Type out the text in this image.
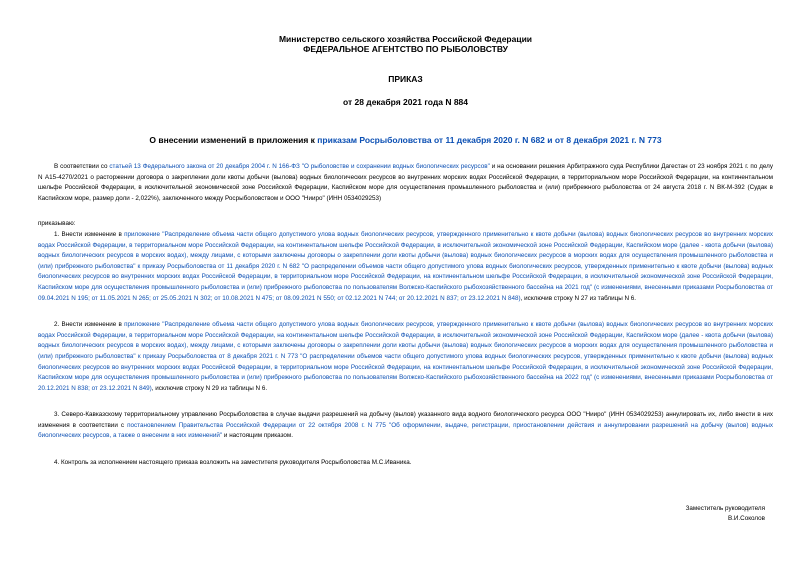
Министерство сельского хозяйства Российской Федерации
ФЕДЕРАЛЬНОЕ АГЕНТСТВО ПО РЫБОЛОВСТВУ
ПРИКАЗ
от 28 декабря 2021 года N 884
О внесении изменений в приложения к приказам Росрыболовства от 11 декабря 2020 г. N 682 и от 8 декабря 2021 г. N 773

В соответствии со статьей 13 Федерального закона от 20 декабря 2004 г. N 166-ФЗ "О рыболовстве и сохранении водных биологических ресурсов" и на основании решения Арбитражного суда Республики Дагестан от 23 ноября 2021 г. по делу N А15-4270/2021 о расторжении договора о закреплении доли квоты добычи (вылова) водных биологических ресурсов во внутренних морских водах Российской Федерации, в территориальном море Российской Федерации, на континентальном шельфе Российской Федерации, в исключительной экономической зоне Российской Федерации, Каспийском море для осуществления промышленного рыболовства и (или) прибрежного рыболовства от 24 августа 2018 г. N ВК-М-392 (Судак в Каспийском море, размер доли - 2,022%), заключенного между Росрыболовством и ООО "Нииро" (ИНН 0534029253)

приказываю:

1. Внести изменение в приложение "Распределение объема части общего допустимого улова водных биологических ресурсов, утвержденного применительно к квоте добычи (вылова) водных биологических ресурсов во внутренних морских водах Российской Федерации, в территориальном море Российской Федерации, на континентальном шельфе Российской Федерации, в исключительной экономической зоне Российской Федерации, Каспийском море (далее - квота добычи (вылова) водных биологических ресурсов в морских водах), между лицами, с которыми заключены договоры о закреплении доли квоты добычи (вылова) водных биологических ресурсов в морских водах для осуществления промышленного рыболовства и (или) прибрежного рыболовства" к приказу Росрыболовства от 11 декабря 2020 г. N 682 "О распределении объемов части общего допустимого улова водных биологических ресурсов, утвержденных применительно к квоте добычи (вылова) водных биологических ресурсов во внутренних морских водах Российской Федерации, в территориальном море Российской Федерации, на континентальном шельфе Российской Федерации, в исключительной экономической зоне Российской Федерации, Каспийском море для осуществления промышленного рыболовства и (или) прибрежного рыболовства по пользователям Волжско-Каспийского рыбохозяйственного бассейна на 2021 год" (с изменениями, внесенными приказами Росрыболовства от 09.04.2021 N 195; от 11.05.2021 N 265; от 25.05.2021 N 302; от 10.08.2021 N 475; от 08.09.2021 N 550; от 02.12.2021 N 744; от 20.12.2021 N 837; от 23.12.2021 N 848), исключив строку N 27 из таблицы N 6.

2. Внести изменение в приложение "Распределение объема части общего допустимого улова водных биологических ресурсов, утвержденного применительно к квоте добычи (вылова) водных биологических ресурсов во внутренних морских водах Российской Федерации, в территориальном море Российской Федерации, на континентальном шельфе Российской Федерации, в исключительной экономической зоне Российской Федерации, Каспийском море (далее - квота добычи (вылова) водных биологических ресурсов в морских водах), между лицами, с которыми заключены договоры о закреплении доли квоты добычи (вылова) водных биологических ресурсов в морских водах для осуществления промышленного рыболовства и (или) прибрежного рыболовства" к приказу Росрыболовства от 8 декабря 2021 г. N 773 "О распределении объемов части общего допустимого улова водных биологических ресурсов, утвержденных применительно к квоте добычи (вылова) водных биологических ресурсов во внутренних морских водах Российской Федерации, в территориальном море Российской Федерации, на континентальном шельфе Российской Федерации, в исключительной экономической зоне Российской Федерации, Каспийском море для осуществления промышленного рыболовства и (или) прибрежного рыболовства по пользователям Волжско-Каспийского рыбохозяйственного бассейна на 2022 год" (с изменениями, внесенными приказами Росрыболовства от 20.12.2021 N 838; от 23.12.2021 N 849), исключив строку N 29 из таблицы N 6.

3. Северо-Кавказскому территориальному управлению Росрыболовства в случае выдачи разрешений на добычу (вылов) указанного вида водного биологического ресурса ООО "Нииро" (ИНН 0534029253) аннулировать их, либо внести в них изменения в соответствии с постановлением Правительства Российской Федерации от 22 октября 2008 г. N 775 "Об оформлении, выдаче, регистрации, приостановлении действия и аннулировании разрешений на добычу (вылов) водных биологических ресурсов, а также о внесении в них изменений" и настоящим приказом.

4. Контроль за исполнением настоящего приказа возложить на заместителя руководителя Росрыболовства М.С.Иваника.

Заместитель руководителя
В.И.Соколов
